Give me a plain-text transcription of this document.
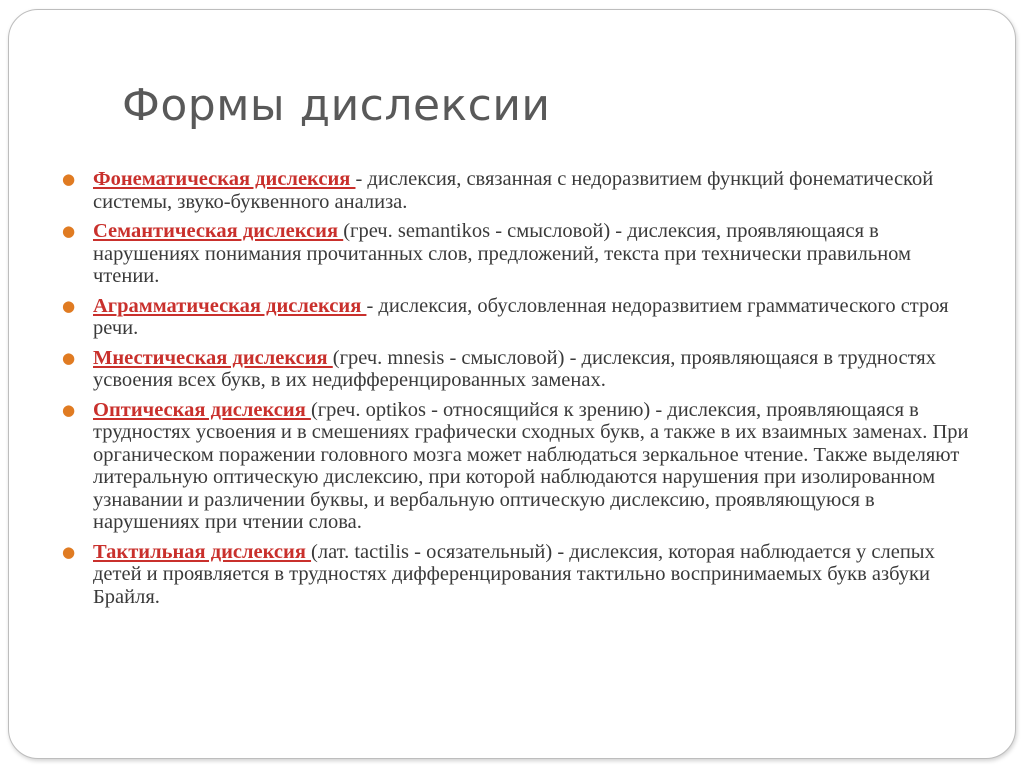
Формы дислексии
● Фонематическая дислексия - дислексия, связанная с недоразвитием функций фонематической системы, звуко-буквенного анализа.
● Семантическая дислексия (греч. semantikos - смысловой) - дислексия, проявляющаяся в нарушениях понимания прочитанных слов, предложений, текста при технически правильном чтении.
● Аграмматическая дислексия - дислексия, обусловленная недоразвитием грамматического строя речи.
● Мнестическая дислексия (греч. mnesis - смысловой) - дислексия, проявляющаяся в трудностях усвоения всех букв, в их недифференцированных заменах.
● Оптическая дислексия (греч. optikos - относящийся к зрению) - дислексия, проявляющаяся в трудностях усвоения и в смешениях графически сходных букв, а также в их взаимных заменах. При органическом поражении головного мозга может наблюдаться зеркальное чтение. Также выделяют литеральную оптическую дислексию, при которой наблюдаются нарушения при изолированном узнавании и различении буквы, и вербальную оптическую дислексию, проявляющуюся в нарушениях при чтении слова.
● Тактильная дислексия (лат. tactilis - осязательный) - дислексия, которая наблюдается у слепых детей и проявляется в трудностях дифференцирования тактильно воспринимаемых букв азбуки Брайля.
